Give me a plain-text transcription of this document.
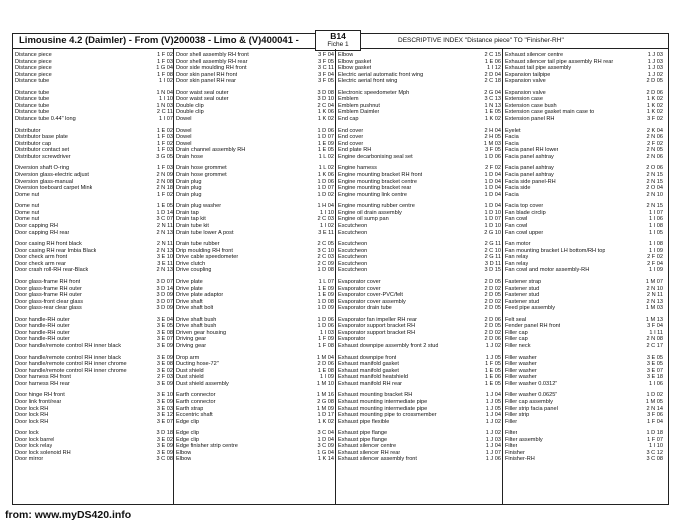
Limousine 4.2 (Daimler) - From (V)200038 - Limo & (V)400041 -	B14
Fiche 1
DESCRIPTIVE INDEX "Distance piece" TO "Finisher-RH"
Distance piece	1 F 02
Distance piece	1 F 03
Distance piece	1 G 04
Distance piece	1 F 08
Distance tube	1 I 02
Distance tube	1 N 04
Distance tube	1 I 10
Distance tube	1 N 03
Distance tube	2 C 11
Distance tube 0.44" long	1 I 07
Distributor	1 E 02
Distributor base plate	1 F 03
Distributor cap	1 F 02
Distributor contact set	1 F 03
Distributor screwdriver	3 G 05
Diversion shaft O-ring	1 F 03
Diversion glass-electric adjust	2 N 09
Diversion glass-manual	2 N 08
Diversion toeboard carpet Mink	2 N 18
Dome nut	1 F 02
Dome nut	1 E 05
Dome nut	1 D 14
Dome nut	3 C 07
Door capping RH	2 N 11
Door capping RH rear	2 N 13
Door casing RH front black	2 N 11
Door casing RH rear Imbia Black	2 N 13
Door check arm front	3 E 10
Door check arm rear	3 E 11
Door crash roll-RH rear-Black	2 N 13
Door glass-frame RH front	3 D 07
Door glass-frame RH outer	3 D 14
Door glass-frame RH outer	3 D 09
Door glass-front clear glass	3 D 07
Door glass-rear clear glass	3 D 09
Door handle-RH outer	3 E 04
Door handle-RH outer	3 E 05
Door handle-RH outer	3 E 08
Door handle-RH outer	3 E 07
Door handle/remote control RH inner black	3 E 09
Door handle/remote control RH inner black	3 E 09
Door handle/remote control RH inner chrome	3 E 08
Door handle/remote control RH inner chrome	3 E 02
Door harness RH front	2 F 03
Door harness RH rear	3 E 09
Door hinge RH front	3 E 10
Door link front/rear	3 E 09
Door lock RH	3 E 03
Door lock RH	3 E 12
Door lock RH	3 E 07
Door lock	3 D 18
Door lock barrel	3 E 02
Door lock relay	3 E 09
Door lock solenoid RH	3 E 09
Door mirror	3 C 08
Door shell assembly RH front	3 F 04
Door shell assembly RH rear	3 F 05
Door side moulding RH front	3 C 11
Door skin panel RH front	3 F 04
Door skin panel RH rear	3 F 05
Door waist seal outer	3 D 08
Door waist seal outer	3 D 10
Double clip	2 C 04
Double clip	1 K 06
Dowel	1 K 02
Dowel	1 D 06
Dowel	1 D 07
Dowel	1 E 09
Drain channel assembly RH	1 E 05
Drain hose	1 L 02
Drain hose grommet	1 L 02
Drain hose grommet	1 K 06
Drain plug	1 D 06
Drain plug	1 D 07
Drain plug	1 D 02
Drain plug washer	1 H 04
Drain tap	1 I 10
Drain tap kit	2 C 03
Drain tube kit	1 I 02
Drain tube lower A post	3 E 11
Drain tube rubber	2 C 05
Drip moulding RH front	3 C 10
Drive cable speedometer	2 C 03
Drive clutch	2 C 09
Drive coupling	1 D 08
Drive plate	1 L 07
Drive plate	1 E 09
Drive plate adaptor	1 E 09
Drive shaft	1 D 08
Drive shaft bolt	1 D 09
Drive shaft bush	1 D 06
Drive shaft bush	1 D 06
Driven gear housing	1 I 03
Driving gear	1 F 09
Driving gear	1 F 08
Drop arm	1 M 04
Ducting hose-72"	2 D 06
Dust shield	1 E 08
Dust shield	1 I 09
Dust shield assembly	1 M 10
Earth connector	1 M 16
Earth connector	2 G 08
Earth strap	1 M 09
Eccentric shaft	1 D 17
Edge clip	1 K 02
Edge clip	3 C 04
Edge clip	1 D 04
Edge finisher strip centre	3 C 09
Elbow	1 G 04
Elbow	1 K 14
Elbow	2 C 15
Elbow gasket	1 E 06
Elbow gasket	1 I 12
Electric aerial automatic front wing	2 D 04
Electric aerial front wing	2 C 18
Electronic speedometer Mph	2 G 04
Emblem	3 C 13
Emblem pushnut	1 N 13
Emblem Daimler	1 E 05
End cap	1 K 02
End cover	2 H 04
End cover	2 H 05
End cover	1 M 03
End plate RH	3 F 05
Engine decarbonising seal set	1 D 06
Engine harness	2 F 02
Engine mounting bracket RH front	1 D 04
Engine mounting bracket centre	1 D 04
Engine mounting bracket rear	1 D 04
Engine mounting link centre	1 D 04
Engine mounting rubber centre	1 D 04
Engine oil drain assembly	1 D 10
Engine oil sump pan	1 D 07
Escutcheon	1 D 10
Escutcheon	2 G 10
Escutcheon	2 G 11
Escutcheon	2 C 10
Escutcheon	2 G 11
Escutcheon	3 D 11
Escutcheon	3 D 15
Evaporator cover	2 D 05
Evaporator cover	2 D 02
Evaporator cover-PVC/felt	2 D 05
Evaporator cover assembly	2 D 02
Evaporator drain tube	2 D 05
Evaporator fan impeller RH rear	2 D 06
Evaporator support bracket RH	2 D 05
Evaporator support bracket RH	2 D 02
Evaporator	2 D 06
Exhaust downpipe assembly front 2 stud	1 J 02
Exhaust downpipe front	1 J 05
Exhaust manifold gasket	1 F 05
Exhaust manifold gasket	1 E 05
Exhaust manifold heatshield	1 E 06
Exhaust manifold RH rear	1 E 05
Exhaust mounting bracket RH	1 J 04
Exhaust mounting intermediate pipe	1 J 05
Exhaust mounting intermediate pipe	1 J 05
Exhaust mounting pipe to crossmember	1 J 04
Exhaust pipe flexible	1 J 02
Exhaust pipe flange	1 J 02
Exhaust pipe flange	1 J 03
Exhaust silencer centre	1 J 04
Exhaust silencer RH rear	1 J 07
Exhaust silencer assembly front	1 J 06
Exhaust silencer centre	1 J 03
Exhaust silencer tail pipe assembly RH rear	1 J 03
Exhaust tail pipe assembly	1 J 03
Expansion tailpipe	1 J 02
Expansion valve	2 D 05
Expansion valve	2 D 06
Extension case	1 K 02
Extension case bush	1 K 02
Extension case gasket main case to	1 K 02
Extension panel RH	3 F 02
Eyelet	2 K 04
Facia	2 N 06
Facia	2 F 02
Facia panel RH lower	2 N 05
Facia panel ashtray	2 N 06
Facia panel ashtray	2 O 06
Facia panel ashtray	2 N 15
Facia side panel-RH	2 N 15
Facia side	2 O 04
Facia	2 N 10
Facia top cover	2 N 15
Fan blade circlip	1 I 07
Fan cowl	1 I 06
Fan cowl	1 I 08
Fan cowl upper	1 I 05
Fan motor	1 I 08
Fan mounting bracket LH bottom/RH top	1 I 09
Fan relay	2 F 02
Fan relay	2 F 04
Fan cowl and motor assembly-RH	1 I 09
Fastener strap	1 M 07
Fastener stud	2 N 10
Fastener stud	2 N 11
Fastener stud	2 N 13
Feed pipe assembly	1 M 03
Felt seal	1 M 13
Fender panel RH front	3 F 04
Filler cap	1 I 11
Filler cap	2 N 08
Filler neck	2 C 17
Filler washer	3 E 05
Filler washer	3 E 05
Filler washer	3 E 07
Filler washer	3 E 18
Filler washer 0.0312"	1 I 06
Filler washer 0.0625"	1 D 02
Filler cap assembly	1 M 05
Filler strip facia panel	2 N 14
Filler strip	3 F 06
Filler	1 F 04
Filter	1 D 18
Filter assembly	1 F 07
Filter	1 I 10
Finisher	3 C 12
Finisher-RH	3 C 08
from: www.myDS420.info
